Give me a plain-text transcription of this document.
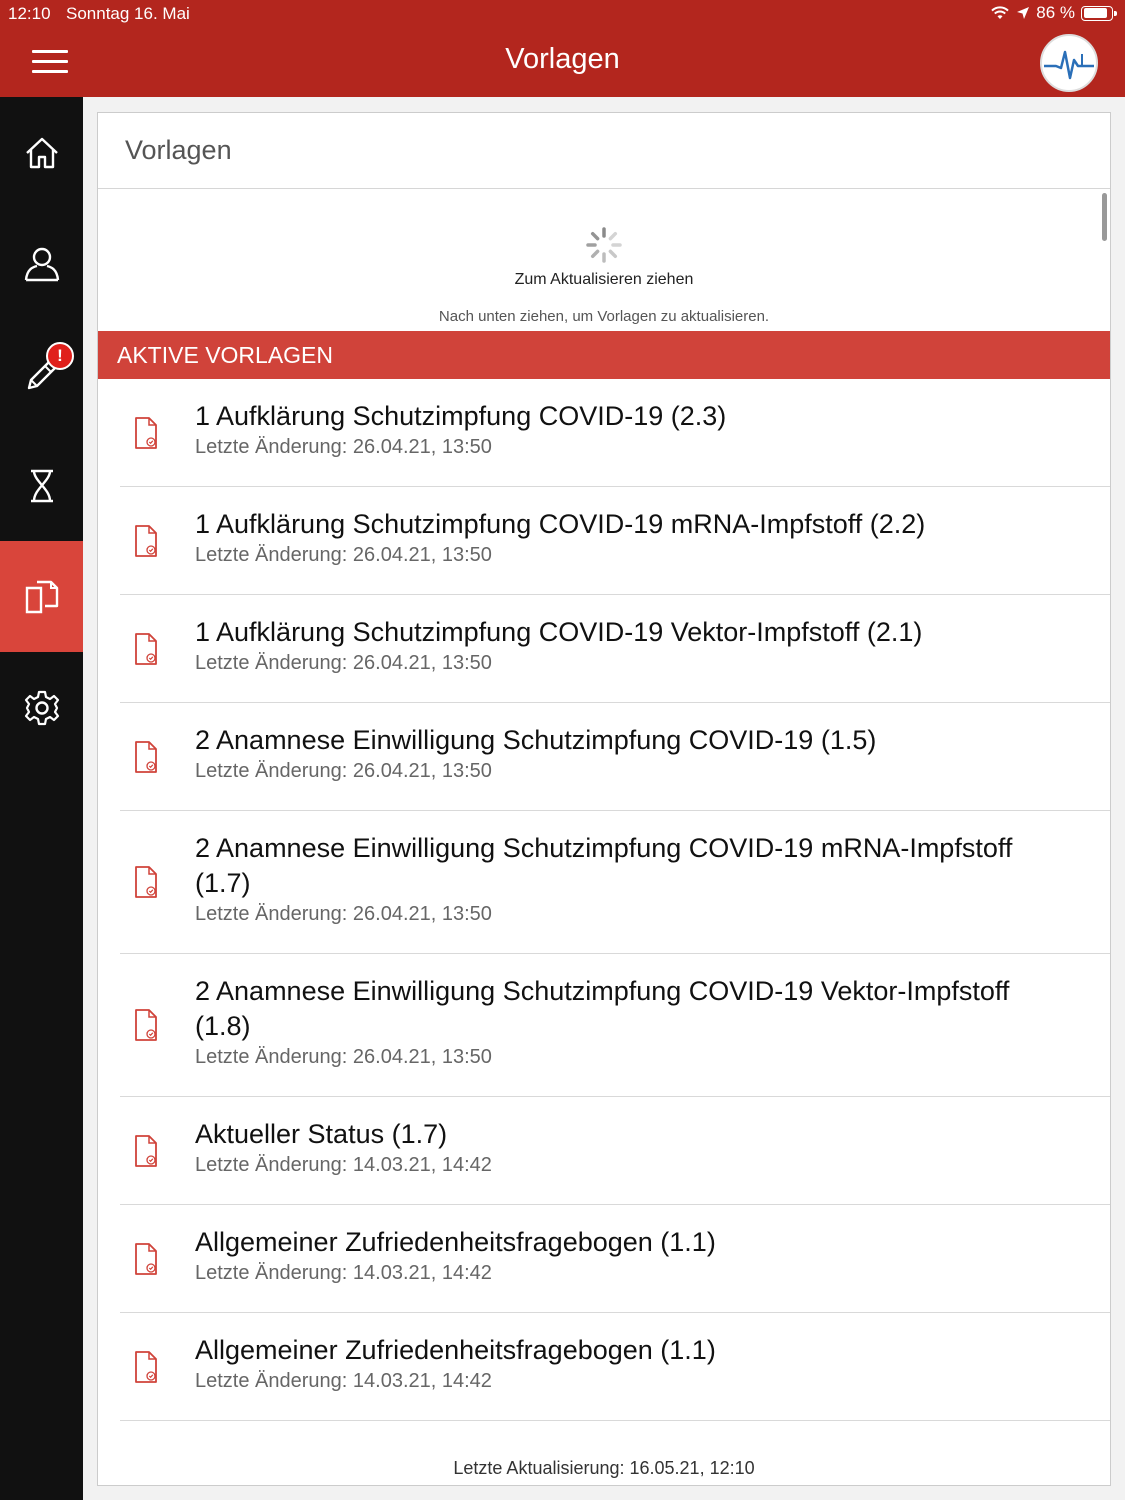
12:10 Sonntag 16. Mai	86 %
Vorlagen
!
Vorlagen
Zum Aktualisieren ziehen
Nach unten ziehen, um Vorlagen zu aktualisieren.
AKTIVE VORLAGEN
1 Aufklärung Schutzimpfung COVID-19 (2.3)
Letzte Änderung: 26.04.21, 13:50
1 Aufklärung Schutzimpfung COVID-19 mRNA-Impfstoff (2.2)
Letzte Änderung: 26.04.21, 13:50
1 Aufklärung Schutzimpfung COVID-19 Vektor-Impfstoff (2.1)
Letzte Änderung: 26.04.21, 13:50
2 Anamnese Einwilligung Schutzimpfung COVID-19 (1.5)
Letzte Änderung: 26.04.21, 13:50
2 Anamnese Einwilligung Schutzimpfung COVID-19 mRNA-Impfstoff (1.7)
Letzte Änderung: 26.04.21, 13:50
2 Anamnese Einwilligung Schutzimpfung COVID-19 Vektor-Impfstoff (1.8)
Letzte Änderung: 26.04.21, 13:50
Aktueller Status (1.7)
Letzte Änderung: 14.03.21, 14:42
Allgemeiner Zufriedenheitsfragebogen (1.1)
Letzte Änderung: 14.03.21, 14:42
Allgemeiner Zufriedenheitsfragebogen (1.1)
Letzte Änderung: 14.03.21, 14:42
Letzte Aktualisierung: 16.05.21, 12:10
